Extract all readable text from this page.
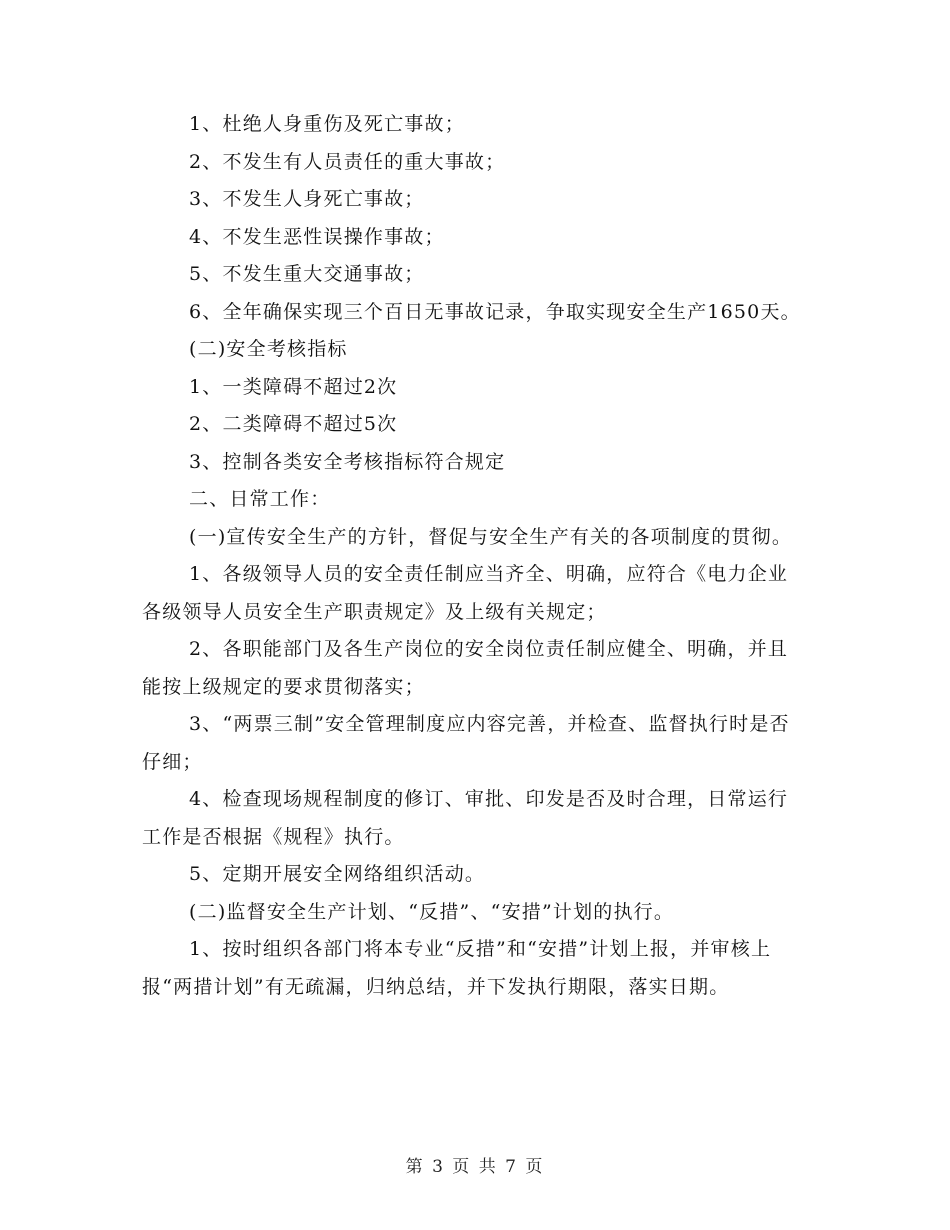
1、杜绝人身重伤及死亡事故；

2、不发生有人员责任的重大事故；

3、不发生人身死亡事故；

4、不发生恶性误操作事故；

5、不发生重大交通事故；

6、全年确保实现三个百日无事故记录，争取实现安全生产1650天。

(二)安全考核指标

1、一类障碍不超过2次

2、二类障碍不超过5次

3、控制各类安全考核指标符合规定

二、日常工作：

(一)宣传安全生产的方针，督促与安全生产有关的各项制度的贯彻。

1、各级领导人员的安全责任制应当齐全、明确，应符合《电力企业各级领导人员安全生产职责规定》及上级有关规定；

2、各职能部门及各生产岗位的安全岗位责任制应健全、明确，并且能按上级规定的要求贯彻落实；

3、“两票三制”安全管理制度应内容完善，并检查、监督执行时是否仔细；

4、检查现场规程制度的修订、审批、印发是否及时合理，日常运行工作是否根据《规程》执行。

5、定期开展安全网络组织活动。

(二)监督安全生产计划、“反措”、“安措”计划的执行。

1、按时组织各部门将本专业“反措”和“安措”计划上报，并审核上报“两措计划”有无疏漏，归纳总结，并下发执行期限，落实日期。

第 3 页 共 7 页
